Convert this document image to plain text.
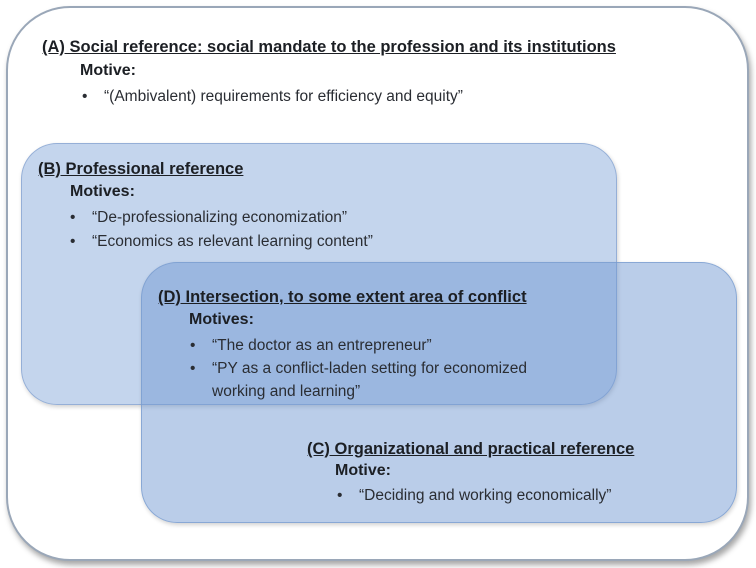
(A) Social reference: social mandate to the profession and its institutions
Motive:
• “(Ambivalent) requirements for efficiency and equity”
(B) Professional reference
Motives:
• “De-professionalizing economization”
• “Economics as relevant learning content”
(D) Intersection, to some extent area of conflict
Motives:
• “The doctor as an entrepreneur”
• “PY as a conflict-laden setting for economized
working and learning”
(C) Organizational and practical reference
Motive:
• “Deciding and working economically”
